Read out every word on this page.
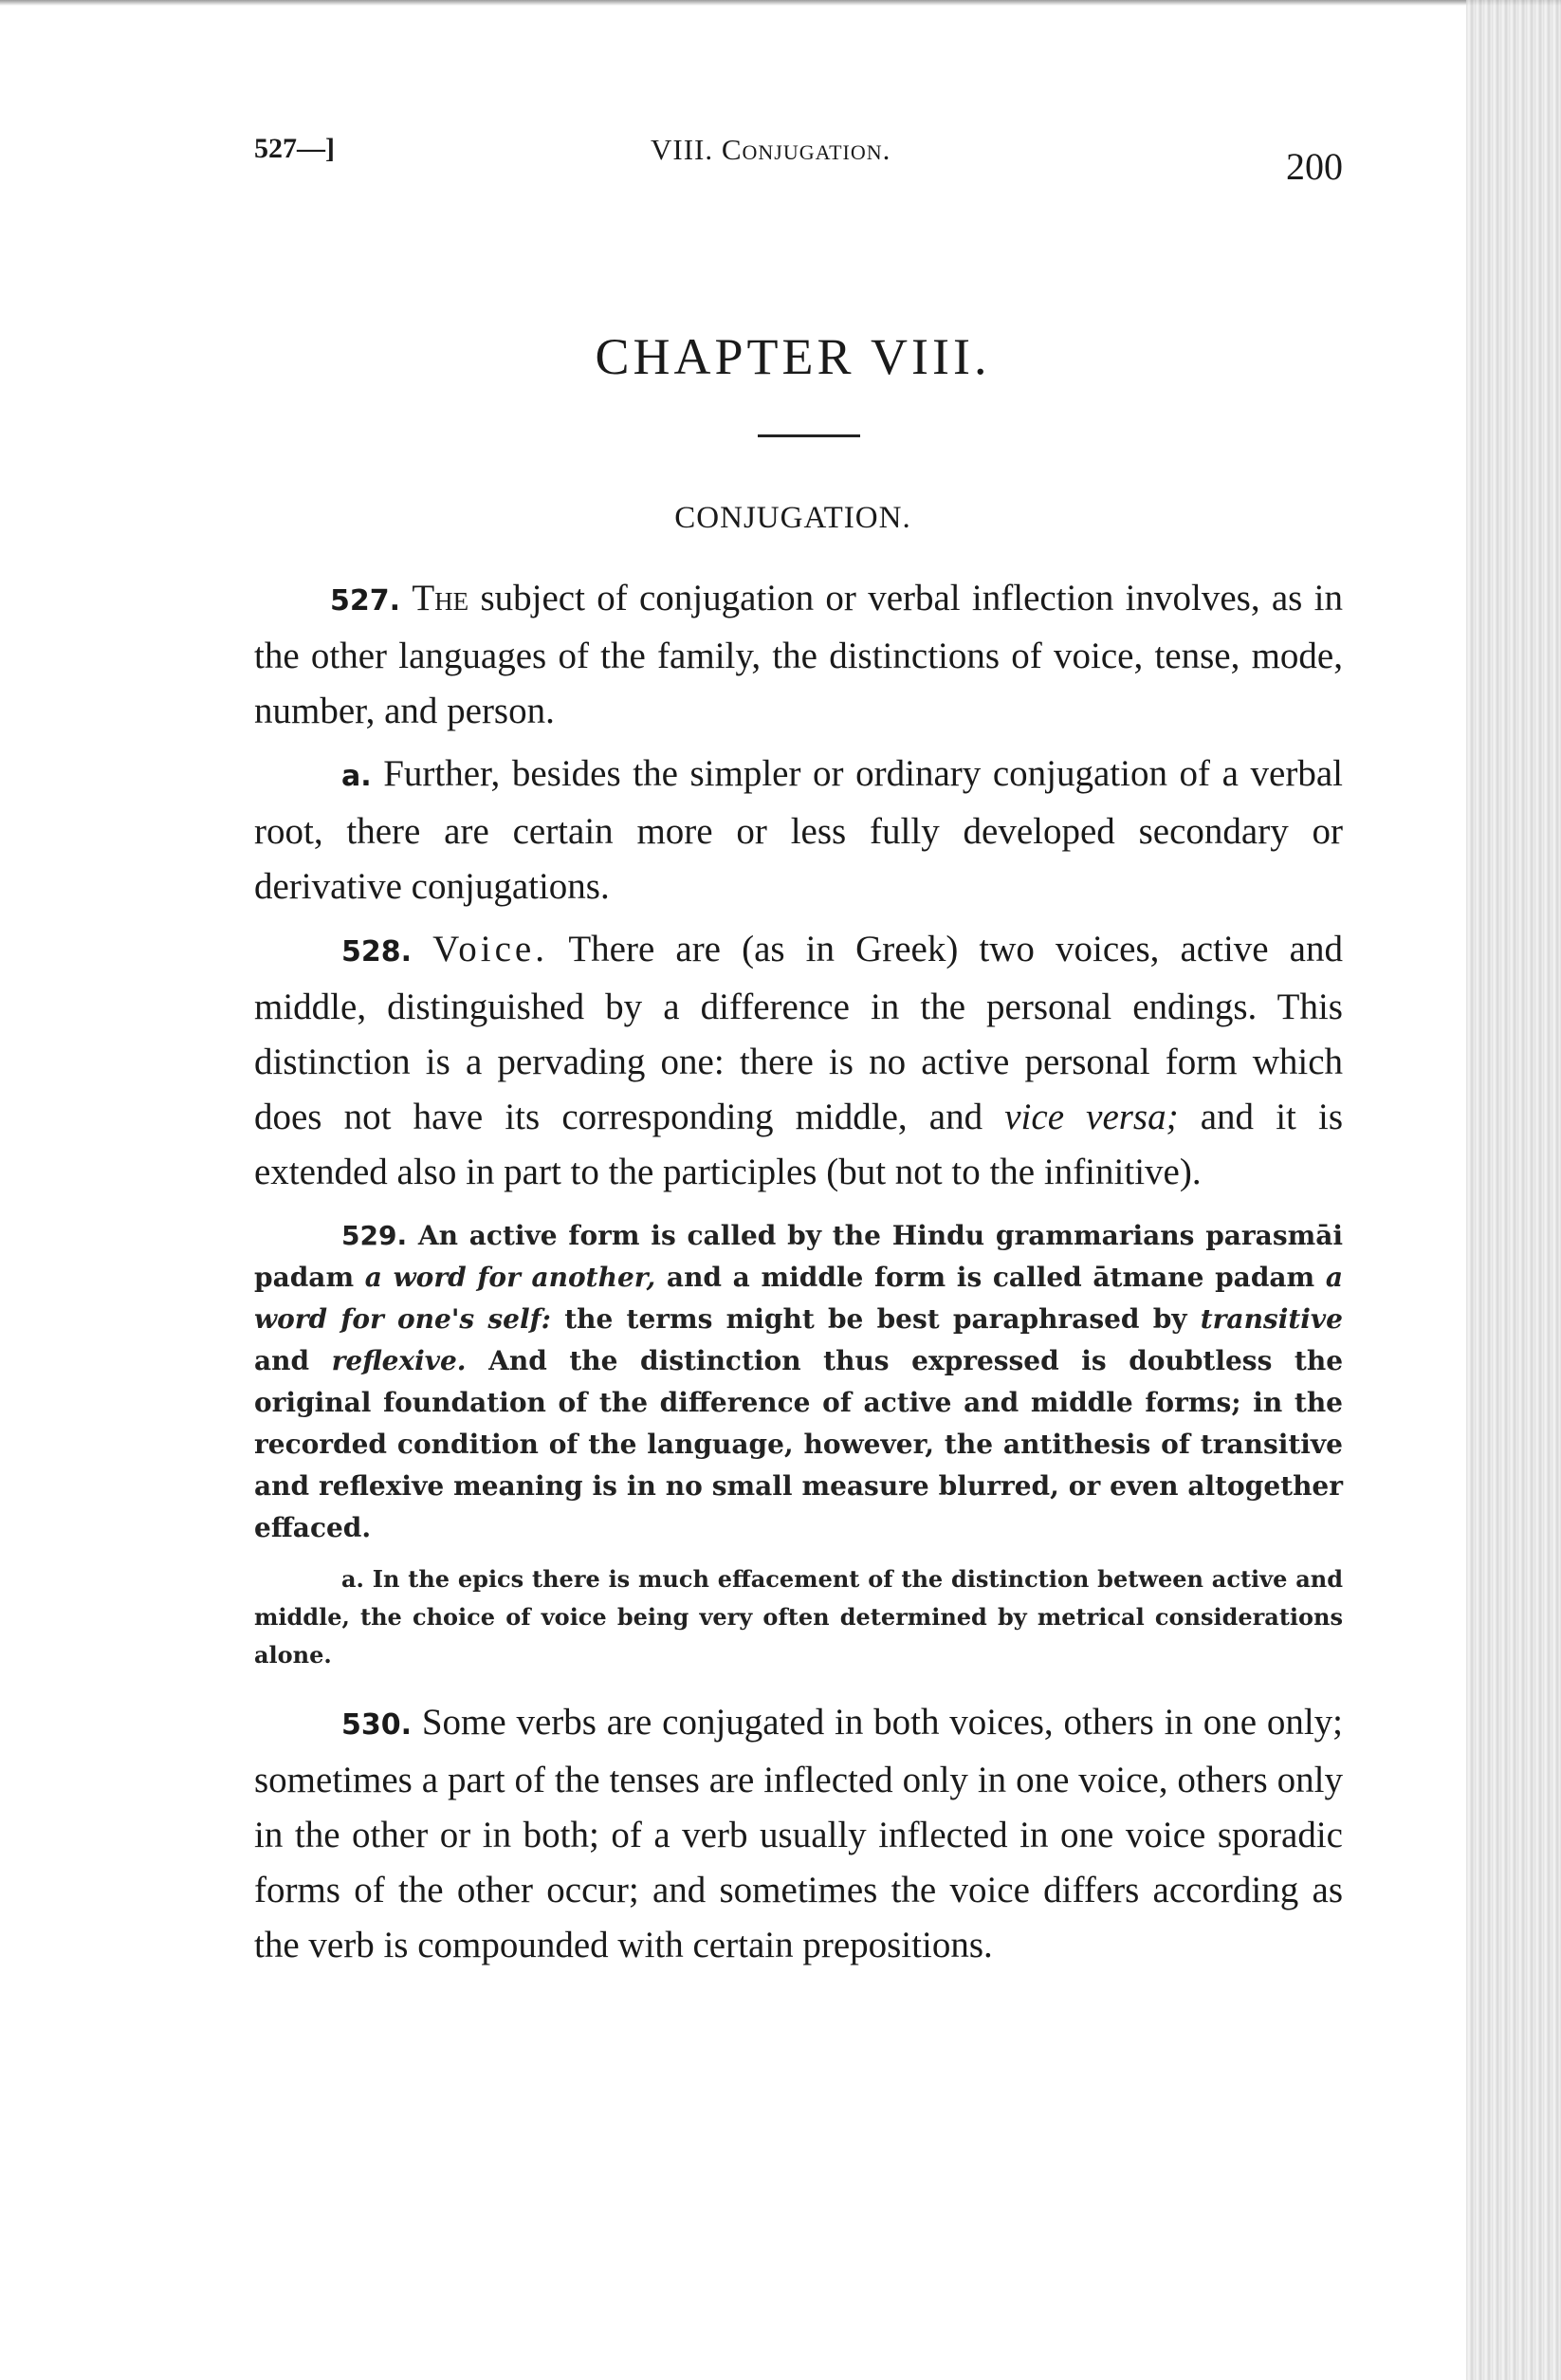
527—]	VIII. Conjugation.	200
CHAPTER VIII.
CONJUGATION.

527. The subject of conjugation or verbal inflection involves, as in the other languages of the family, the distinctions of voice, tense, mode, number, and person.

a. Further, besides the simpler or ordinary conjugation of a verbal root, there are certain more or less fully developed secondary or derivative conjugations.

528. Voice. There are (as in Greek) two voices, active and middle, distinguished by a difference in the personal endings. This distinction is a pervading one: there is no active personal form which does not have its corresponding middle, and vice versa; and it is extended also in part to the participles (but not to the infinitive).

529. An active form is called by the Hindu grammarians parasmāi padam a word for another, and a middle form is called ātmane padam a word for one's self: the terms might be best paraphrased by transitive and reflexive. And the distinction thus expressed is doubtless the original foundation of the difference of active and middle forms; in the recorded condition of the language, however, the antithesis of transitive and reflexive meaning is in no small measure blurred, or even altogether effaced.

a. In the epics there is much effacement of the distinction between active and middle, the choice of voice being very often determined by metrical considerations alone.

530. Some verbs are conjugated in both voices, others in one only; sometimes a part of the tenses are inflected only in one voice, others only in the other or in both; of a verb usually inflected in one voice sporadic forms of the other occur; and sometimes the voice differs according as the verb is compounded with certain prepositions.
